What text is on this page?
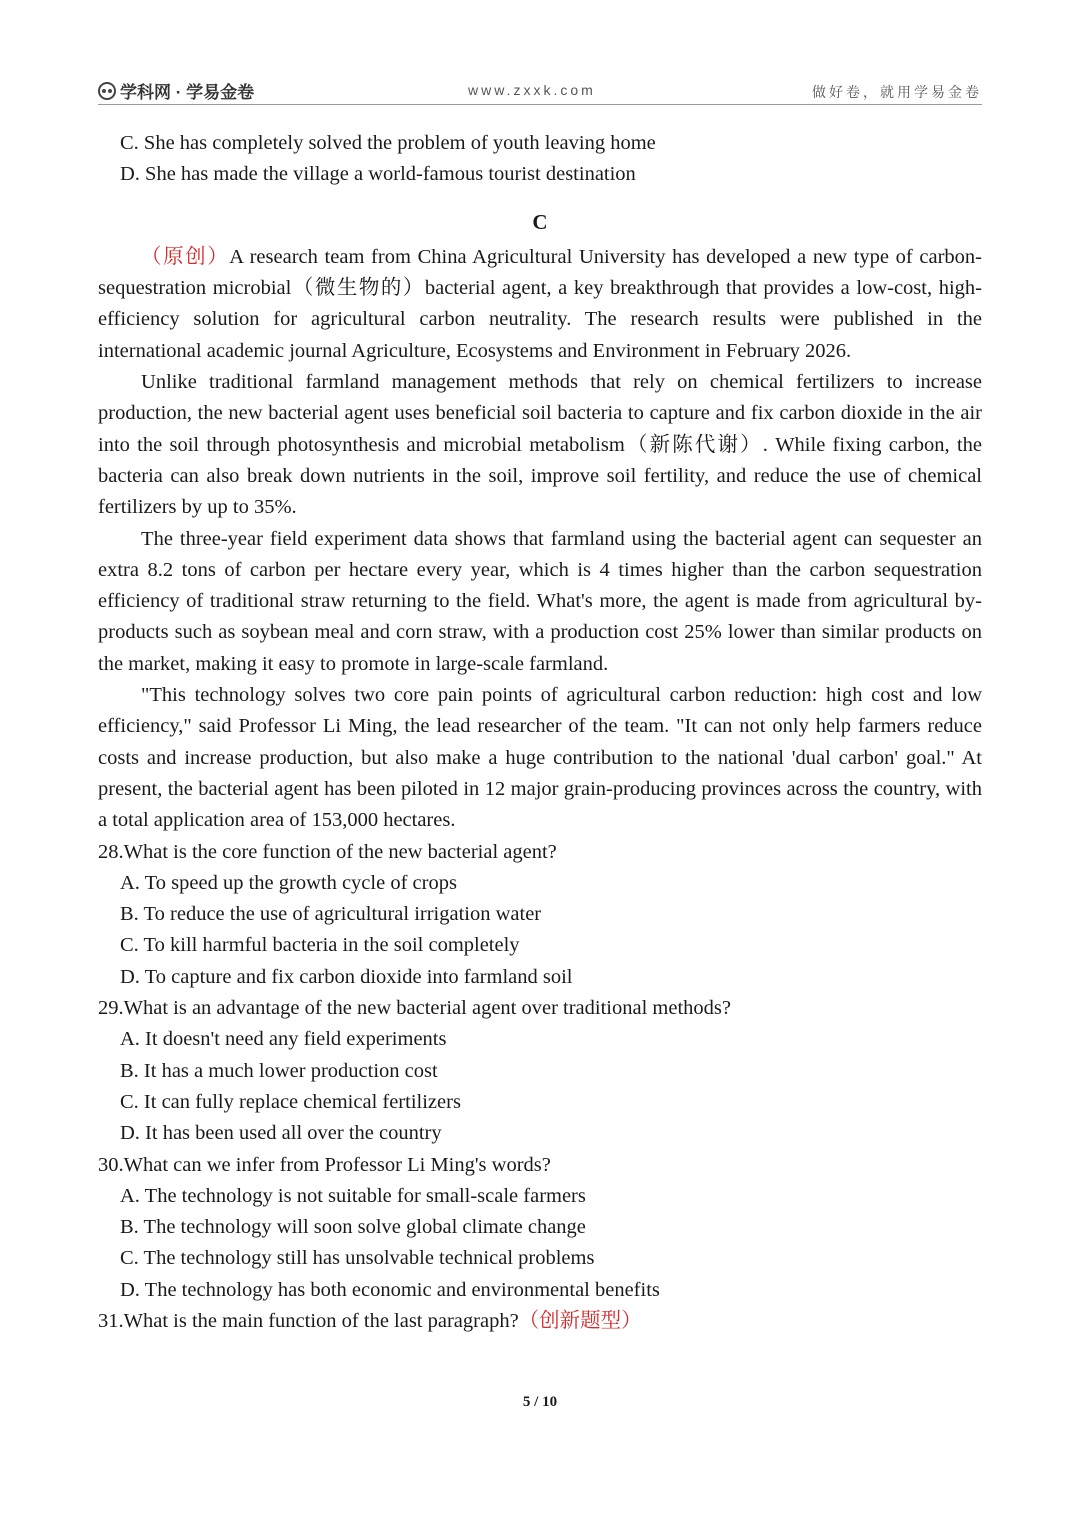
学科网 · 学易金卷	www.zxxk.com	做好卷，就用学易金卷
C. She has completely solved the problem of youth leaving home
D. She has made the village a world-famous tourist destination
C
（原创）A research team from China Agricultural University has developed a new type of carbon-sequestration microbial（微生物的）bacterial agent, a key breakthrough that provides a low-cost, high-efficiency solution for agricultural carbon neutrality. The research results were published in the international academic journal Agriculture, Ecosystems and Environment in February 2026.
Unlike traditional farmland management methods that rely on chemical fertilizers to increase production, the new bacterial agent uses beneficial soil bacteria to capture and fix carbon dioxide in the air into the soil through photosynthesis and microbial metabolism（新陈代谢）. While fixing carbon, the bacteria can also break down nutrients in the soil, improve soil fertility, and reduce the use of chemical fertilizers by up to 35%.
The three-year field experiment data shows that farmland using the bacterial agent can sequester an extra 8.2 tons of carbon per hectare every year, which is 4 times higher than the carbon sequestration efficiency of traditional straw returning to the field. What's more, the agent is made from agricultural by-products such as soybean meal and corn straw, with a production cost 25% lower than similar products on the market, making it easy to promote in large-scale farmland.
"This technology solves two core pain points of agricultural carbon reduction: high cost and low efficiency," said Professor Li Ming, the lead researcher of the team. "It can not only help farmers reduce costs and increase production, but also make a huge contribution to the national 'dual carbon' goal." At present, the bacterial agent has been piloted in 12 major grain-producing provinces across the country, with a total application area of 153,000 hectares.
28.What is the core function of the new bacterial agent?
A. To speed up the growth cycle of crops
B. To reduce the use of agricultural irrigation water
C. To kill harmful bacteria in the soil completely
D. To capture and fix carbon dioxide into farmland soil
29.What is an advantage of the new bacterial agent over traditional methods?
A. It doesn't need any field experiments
B. It has a much lower production cost
C. It can fully replace chemical fertilizers
D. It has been used all over the country
30.What can we infer from Professor Li Ming's words?
A. The technology is not suitable for small-scale farmers
B. The technology will soon solve global climate change
C. The technology still has unsolvable technical problems
D. The technology has both economic and environmental benefits
31.What is the main function of the last paragraph?（创新题型）
5 / 10
